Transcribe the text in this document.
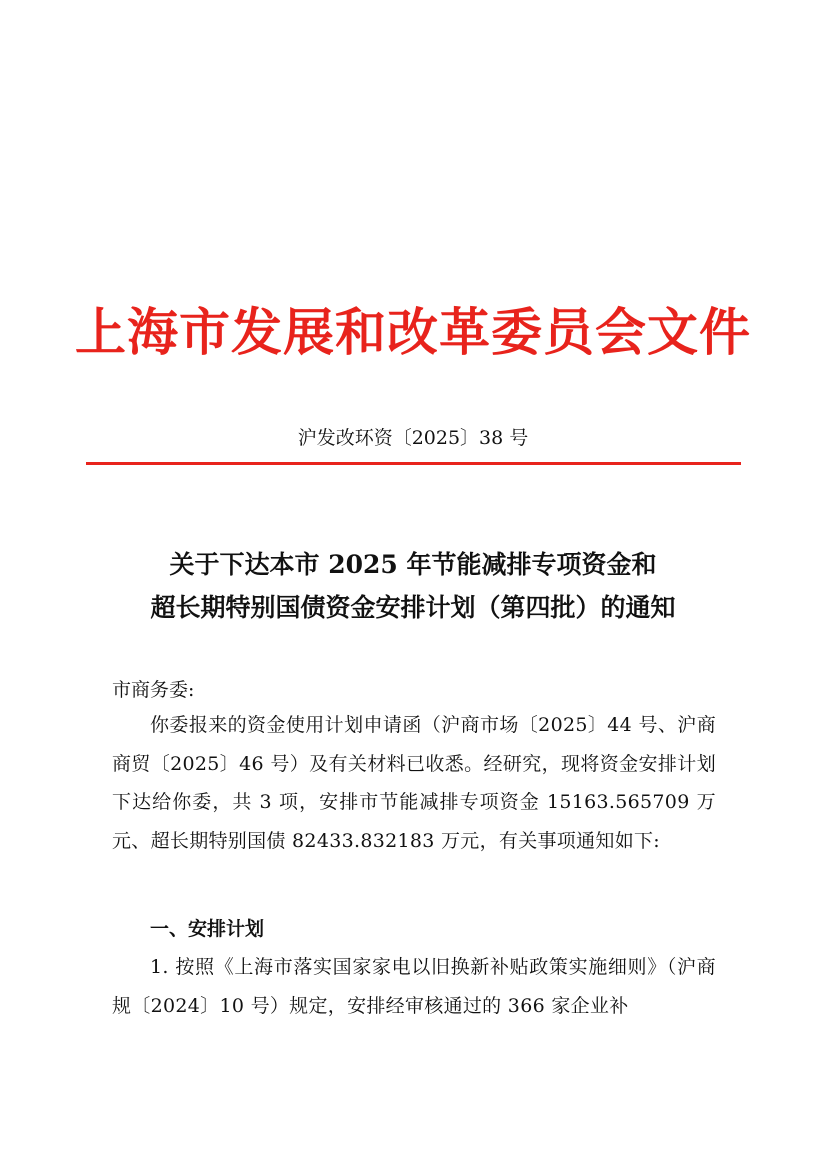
上海市发展和改革委员会文件
沪发改环资〔2025〕38 号
关于下达本市 2025 年节能减排专项资金和
超长期特别国债资金安排计划（第四批）的通知
市商务委:
你委报来的资金使用计划申请函（沪商市场〔2025〕44 号、沪商商贸〔2025〕46 号）及有关材料已收悉。经研究，现将资金安排计划下达给你委，共 3 项，安排市节能减排专项资金 15163.565709 万元、超长期特别国债 82433.832183 万元，有关事项通知如下:
一、安排计划
1. 按照《上海市落实国家家电以旧换新补贴政策实施细则》（沪商规〔2024〕10 号）规定，安排经审核通过的 366 家企业补
